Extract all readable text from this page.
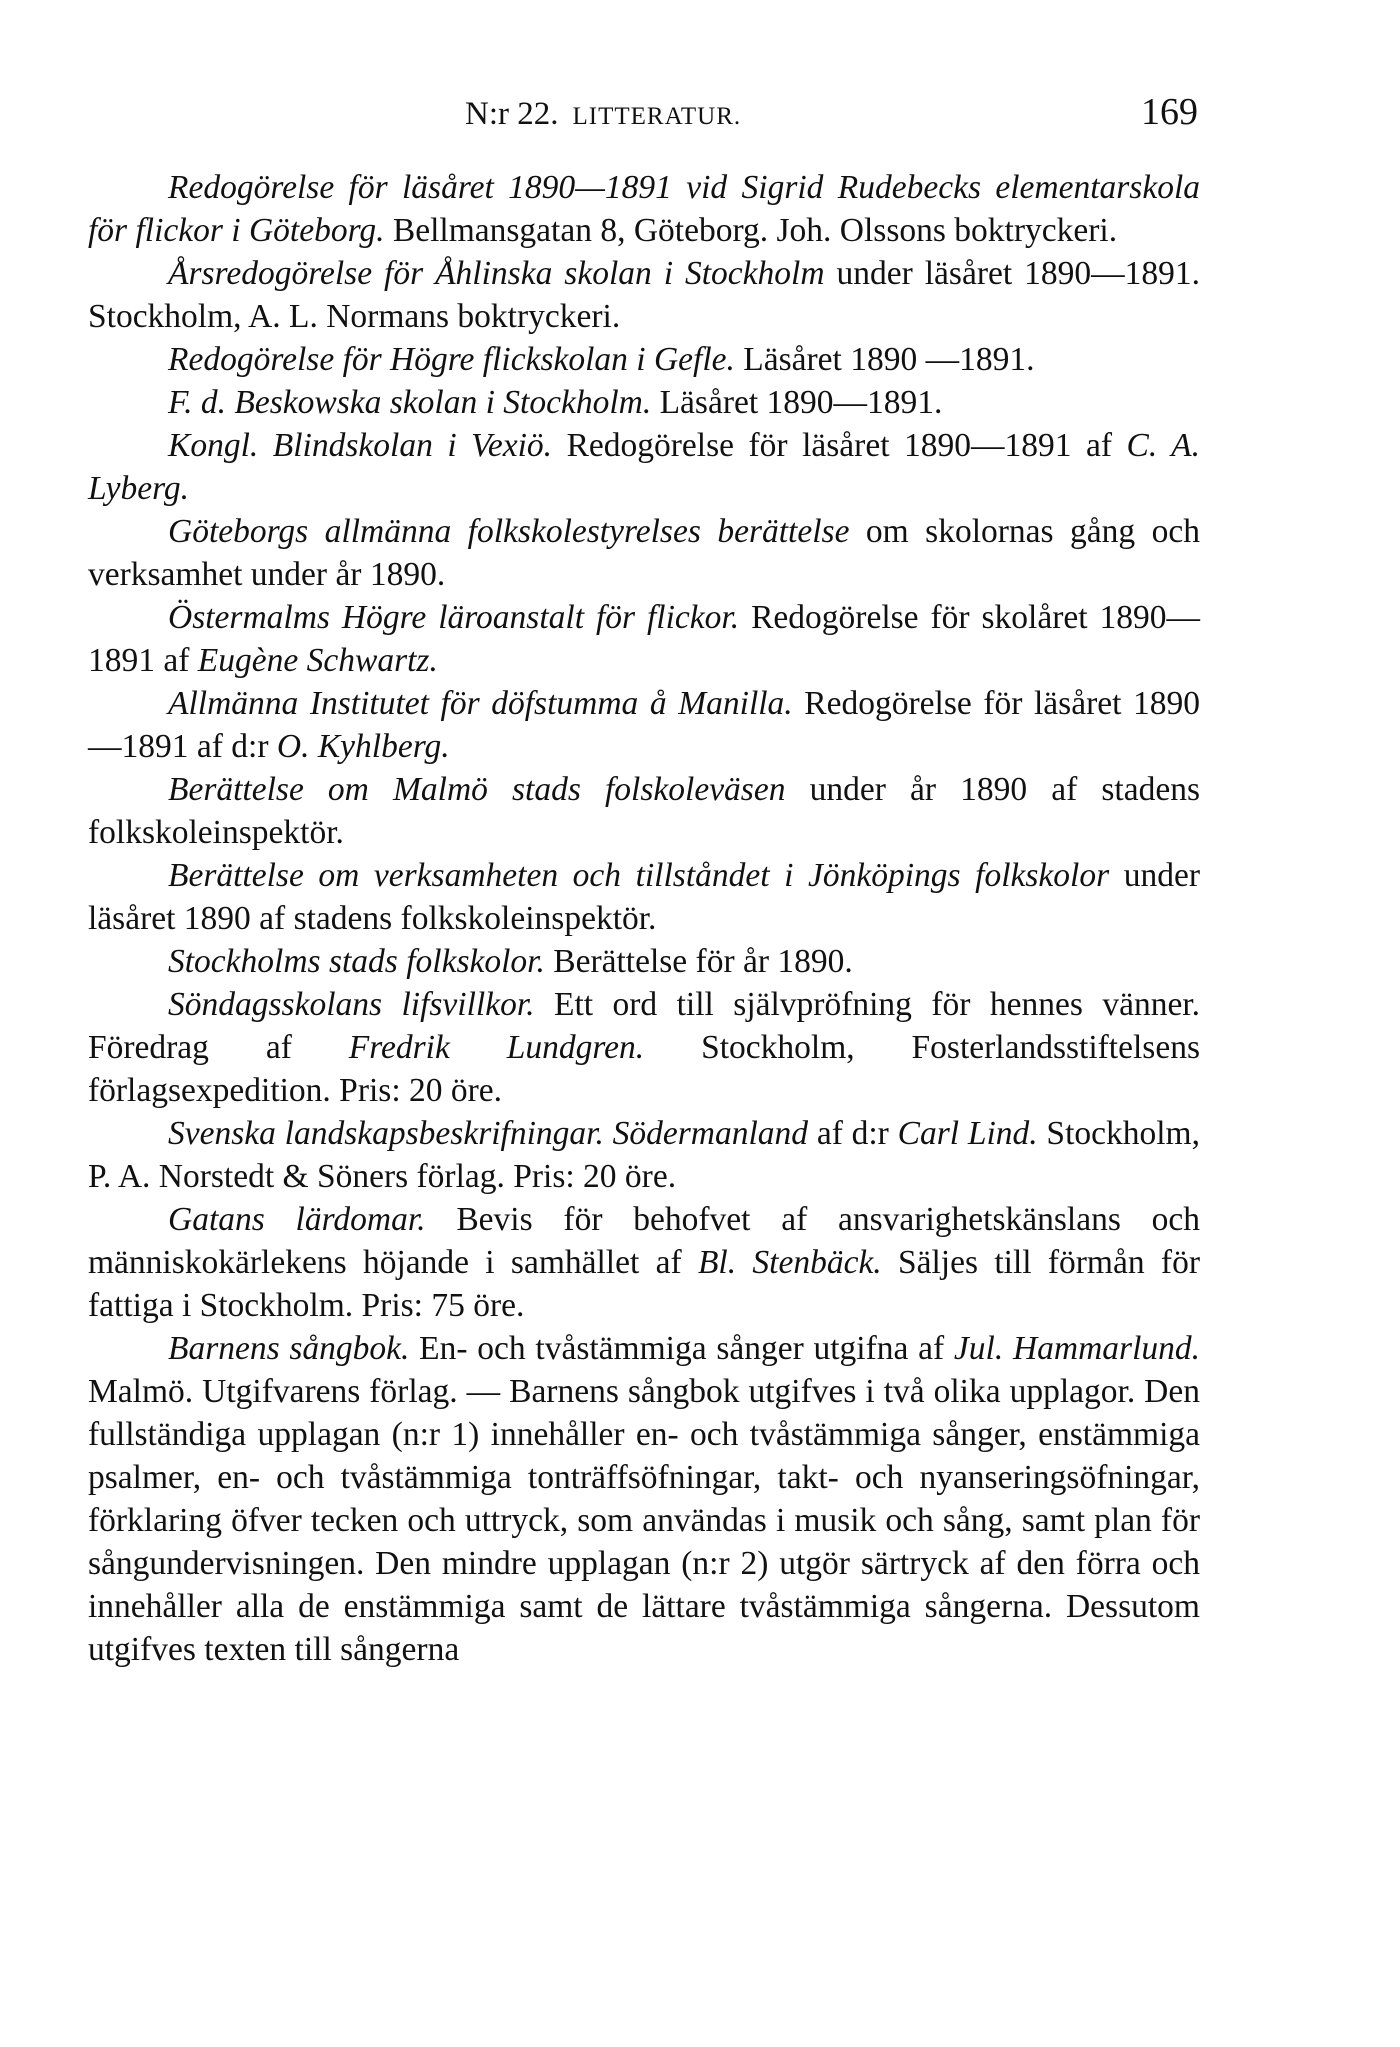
N:r 22. LITTERATUR.	169

Redogörelse för läsåret 1890—1891 vid Sigrid Rudebecks elementarskola för flickor i Göteborg. Bellmansgatan 8, Göteborg. Joh. Olssons boktryckeri.

Årsredogörelse för Åhlinska skolan i Stockholm under läsåret 1890—1891. Stockholm, A. L. Normans boktryckeri.

Redogörelse för Högre flickskolan i Gefle. Läsåret 1890 —1891.

F. d. Beskowska skolan i Stockholm. Läsåret 1890—1891.

Kongl. Blindskolan i Vexiö. Redogörelse för läsåret 1890—1891 af C. A. Lyberg.

Göteborgs allmänna folkskolestyrelses berättelse om skolornas gång och verksamhet under år 1890.

Östermalms Högre läroanstalt för flickor. Redogörelse för skolåret 1890—1891 af Eugène Schwartz.

Allmänna Institutet för döfstumma å Manilla. Redogörelse för läsåret 1890—1891 af d:r O. Kyhlberg.

Berättelse om Malmö stads folskoleväsen under år 1890 af stadens folkskoleinspektör.

Berättelse om verksamheten och tillståndet i Jönköpings folkskolor under läsåret 1890 af stadens folkskoleinspektör.

Stockholms stads folkskolor. Berättelse för år 1890.

Söndagsskolans lifsvillkor. Ett ord till självpröfning för hennes vänner. Föredrag af Fredrik Lundgren. Stockholm, Fosterlandsstiftelsens förlagsexpedition. Pris: 20 öre.

Svenska landskapsbeskrifningar. Södermanland af d:r Carl Lind. Stockholm, P. A. Norstedt & Söners förlag. Pris: 20 öre.

Gatans lärdomar. Bevis för behofvet af ansvarighetskänslans och människokärlekens höjande i samhället af Bl. Stenbäck. Säljes till förmån för fattiga i Stockholm. Pris: 75 öre.

Barnens sångbok. En- och tvåstämmiga sånger utgifna af Jul. Hammarlund. Malmö. Utgifvarens förlag. — Barnens sångbok utgifves i två olika upplagor. Den fullständiga upplagan (n:r 1) innehåller en- och tvåstämmiga sånger, enstämmiga psalmer, en- och tvåstämmiga tonträffsöfningar, takt- och nyanseringsöfningar, förklaring öfver tecken och uttryck, som användas i musik och sång, samt plan för sångundervisningen. Den mindre upplagan (n:r 2) utgör särtryck af den förra och innehåller alla de enstämmiga samt de lättare tvåstämmiga sångerna. Dessutom utgifves texten till sångerna
